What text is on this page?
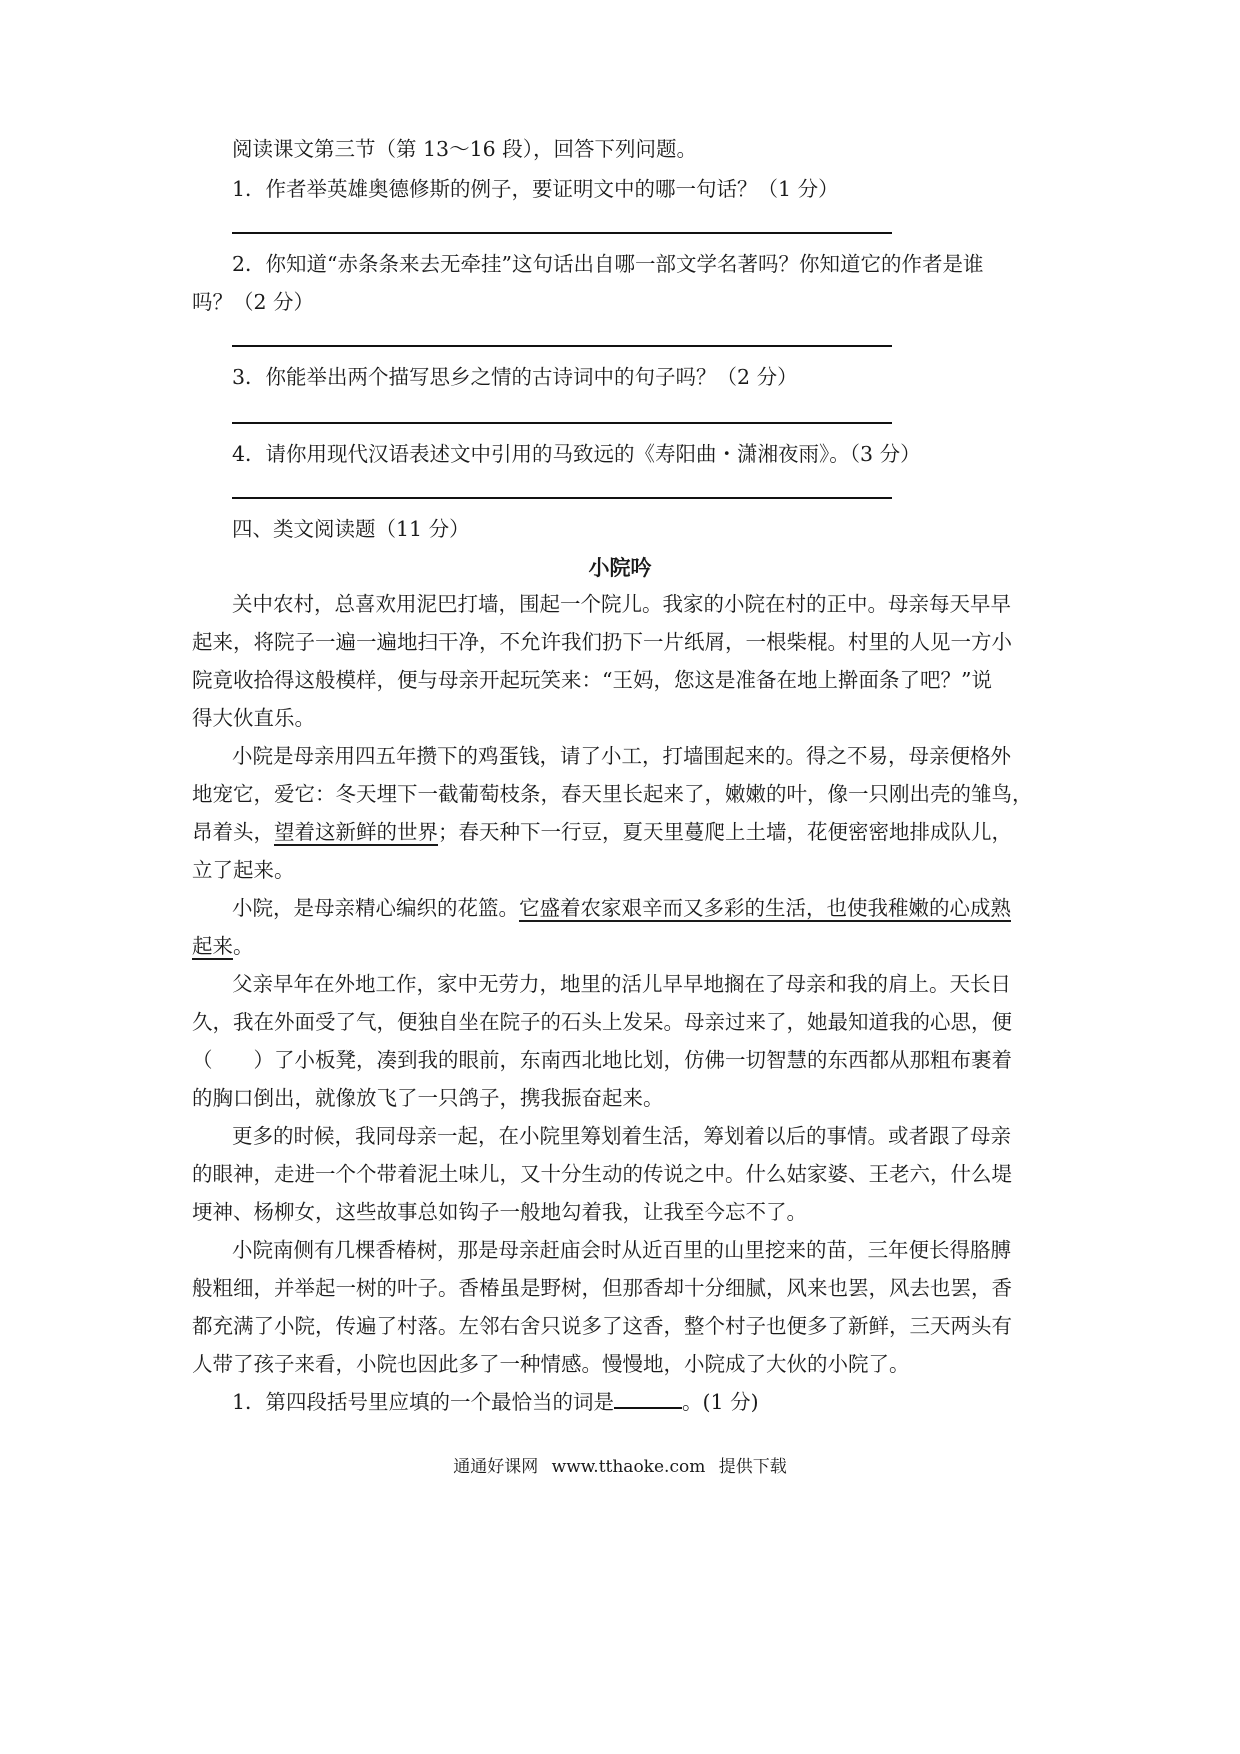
阅读课文第三节（第 13～16 段），回答下列问题。
1．作者举英雄奥德修斯的例子，要证明文中的哪一句话？（1 分）
2．你知道“赤条条来去无牵挂”这句话出自哪一部文学名著吗？你知道它的作者是谁
吗？（2 分）
3．你能举出两个描写思乡之情的古诗词中的句子吗？（2 分）
4．请你用现代汉语表述文中引用的马致远的《寿阳曲・潇湘夜雨》。（3 分）
四、类文阅读题（11 分）
小院吟
关中农村，总喜欢用泥巴打墙，围起一个院儿。我家的小院在村的正中。母亲每天早早
起来，将院子一遍一遍地扫干净，不允许我们扔下一片纸屑，一根柴棍。村里的人见一方小
院竟收拾得这般模样，便与母亲开起玩笑来：“王妈，您这是准备在地上擀面条了吧？”说
得大伙直乐。
小院是母亲用四五年攒下的鸡蛋钱，请了小工，打墙围起来的。得之不易，母亲便格外
地宠它，爱它：冬天埋下一截葡萄枝条，春天里长起来了，嫩嫩的叶，像一只刚出壳的雏鸟，
昂着头，望着这新鲜的世界；春天种下一行豆，夏天里蔓爬上土墙，花便密密地排成队儿，
立了起来。
小院，是母亲精心编织的花篮。它盛着农家艰辛而又多彩的生活，也使我稚嫩的心成熟
起来。
父亲早年在外地工作，家中无劳力，地里的活儿早早地搁在了母亲和我的肩上。天长日
久，我在外面受了气，便独自坐在院子的石头上发呆。母亲过来了，她最知道我的心思，便
（　　）了小板凳，凑到我的眼前，东南西北地比划，仿佛一切智慧的东西都从那粗布裹着
的胸口倒出，就像放飞了一只鸽子，携我振奋起来。
更多的时候，我同母亲一起，在小院里筹划着生活，筹划着以后的事情。或者跟了母亲
的眼神，走进一个个带着泥土味儿，又十分生动的传说之中。什么姑家婆、王老六，什么堤
埂神、杨柳女，这些故事总如钩子一般地勾着我，让我至今忘不了。
小院南侧有几棵香椿树，那是母亲赶庙会时从近百里的山里挖来的苗，三年便长得胳膊
般粗细，并举起一树的叶子。香椿虽是野树，但那香却十分细腻，风来也罢，风去也罢，香
都充满了小院，传遍了村落。左邻右舍只说多了这香，整个村子也便多了新鲜，三天两头有
人带了孩子来看，小院也因此多了一种情感。慢慢地，小院成了大伙的小院了。
1．第四段括号里应填的一个最恰当的词是	。(1 分)
通通好课网 www.tthaoke.com 提供下载
